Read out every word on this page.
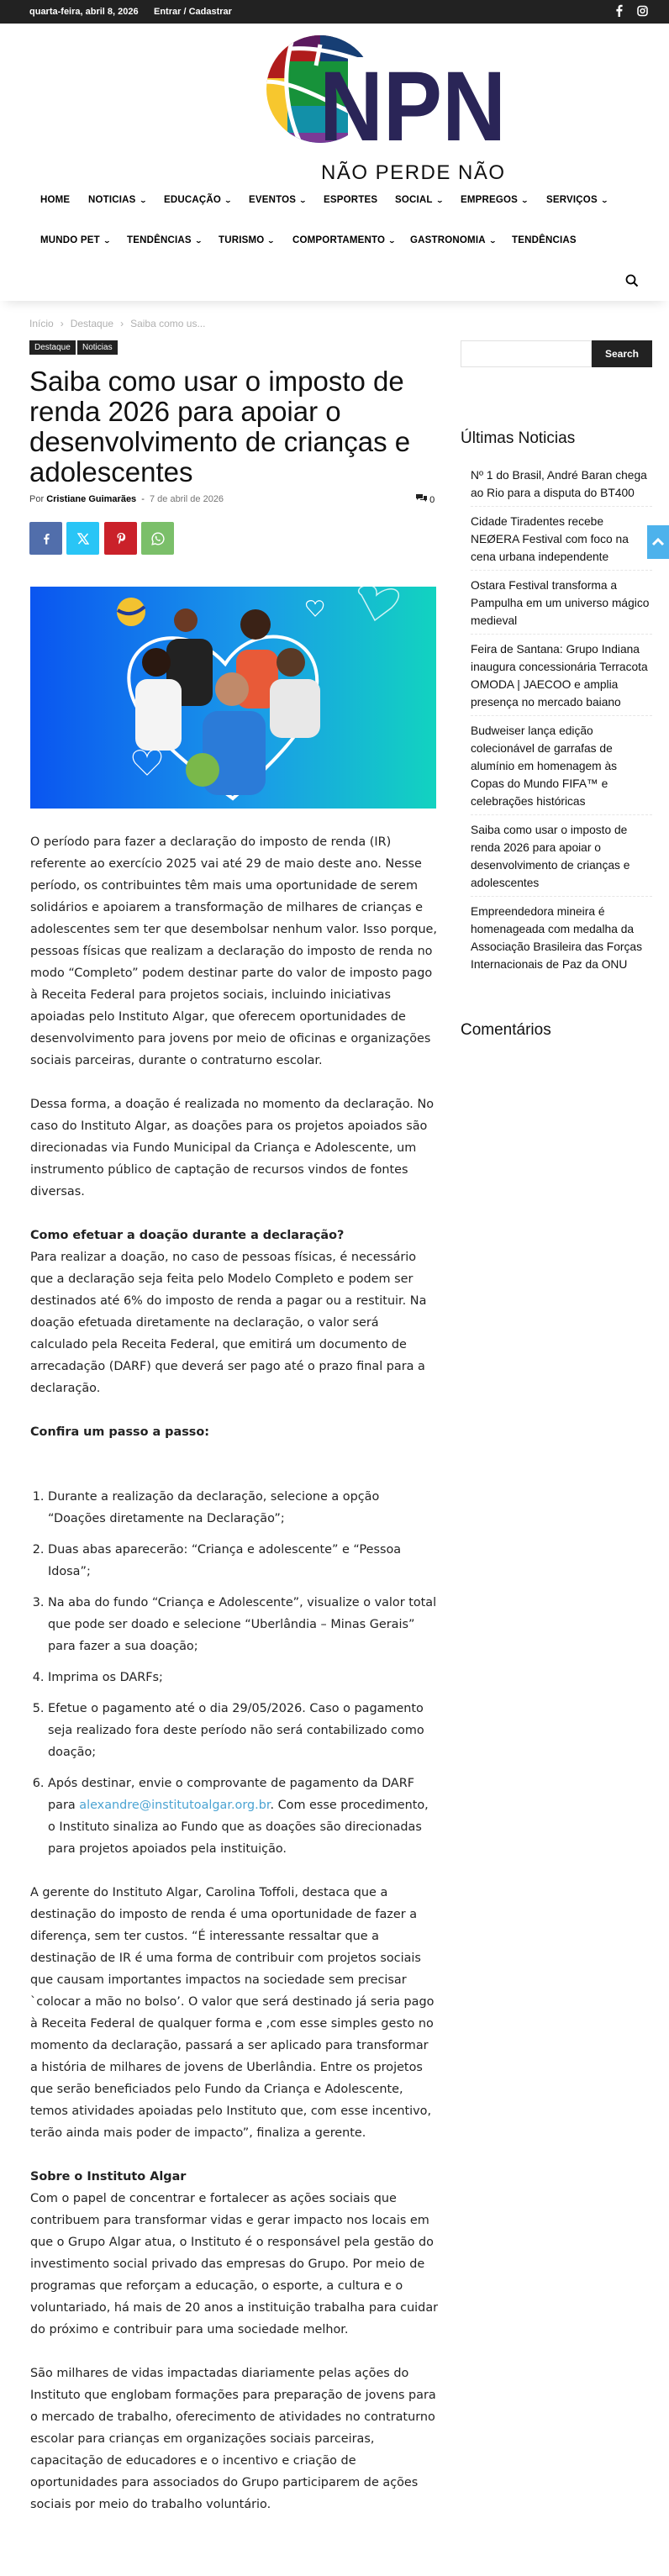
quarta-feira, abril 8, 2026 Entrar / Cadastrar
NPN
NÃO PERDE NÃO
HOME NOTICIAS ⌄ EDUCAÇÃO ⌄ EVENTOS ⌄ ESPORTES SOCIAL ⌄ EMPREGOS ⌄ SERVIÇOS ⌄
MUNDO PET ⌄ TENDÊNCIAS ⌄ TURISMO ⌄ COMPORTAMENTO ⌄ GASTRONOMIA ⌄ TENDÊNCIAS
Início › Destaque › Saiba como us...
Destaque	Noticias
Saiba como usar o imposto de renda 2026 para apoiar o desenvolvimento de crianças e adolescentes
Por Cristiane Guimarães - 7 de abril de 2026	0

O período para fazer a declaração do imposto de renda (IR) referente ao exercício 2025 vai até 29 de maio deste ano. Nesse período, os contribuintes têm mais uma oportunidade de serem solidários e apoiarem a transformação de milhares de crianças e adolescentes sem ter que desembolsar nenhum valor. Isso porque, pessoas físicas que realizam a declaração do imposto de renda no modo “Completo” podem destinar parte do valor de imposto pago à Receita Federal para projetos sociais, incluindo iniciativas apoiadas pelo Instituto Algar, que oferecem oportunidades de desenvolvimento para jovens por meio de oficinas e organizações sociais parceiras, durante o contraturno escolar.

Dessa forma, a doação é realizada no momento da declaração. No caso do Instituto Algar, as doações para os projetos apoiados são direcionadas via Fundo Municipal da Criança e Adolescente, um instrumento público de captação de recursos vindos de fontes diversas.

Como efetuar a doação durante a declaração?
Para realizar a doação, no caso de pessoas físicas, é necessário que a declaração seja feita pelo Modelo Completo e podem ser destinados até 6% do imposto de renda a pagar ou a restituir. Na doação efetuada diretamente na declaração, o valor será calculado pela Receita Federal, que emitirá um documento de arrecadação (DARF) que deverá ser pago até o prazo final para a declaração.

Confira um passo a passo:

1. Durante a realização da declaração, selecione a opção “Doações diretamente na Declaração”;
2. Duas abas aparecerão: “Criança e adolescente” e “Pessoa Idosa”;
3. Na aba do fundo “Criança e Adolescente”, visualize o valor total que pode ser doado e selecione “Uberlândia – Minas Gerais” para fazer a sua doação;
4. Imprima os DARFs;
5. Efetue o pagamento até o dia 29/05/2026. Caso o pagamento seja realizado fora deste período não será contabilizado como doação;
6. Após destinar, envie o comprovante de pagamento da DARF para alexandre@institutoalgar.org.br. Com esse procedimento, o Instituto sinaliza ao Fundo que as doações são direcionadas para projetos apoiados pela instituição.

A gerente do Instituto Algar, Carolina Toffoli, destaca que a destinação do imposto de renda é uma oportunidade de fazer a diferença, sem ter custos. “É interessante ressaltar que a destinação de IR é uma forma de contribuir com projetos sociais que causam importantes impactos na sociedade sem precisar `colocar a mão no bolso’. O valor que será destinado já seria pago à Receita Federal de qualquer forma e ,com esse simples gesto no momento da declaração, passará a ser aplicado para transformar a história de milhares de jovens de Uberlândia. Entre os projetos que serão beneficiados pelo Fundo da Criança e Adolescente, temos atividades apoiadas pelo Instituto que, com esse incentivo, terão ainda mais poder de impacto”, finaliza a gerente.

Sobre o Instituto Algar
Com o papel de concentrar e fortalecer as ações sociais que contribuem para transformar vidas e gerar impacto nos locais em que o Grupo Algar atua, o Instituto é o responsável pela gestão do investimento social privado das empresas do Grupo. Por meio de programas que reforçam a educação, o esporte, a cultura e o voluntariado, há mais de 20 anos a instituição trabalha para cuidar do próximo e contribuir para uma sociedade melhor.

São milhares de vidas impactadas diariamente pelas ações do Instituto que englobam formações para preparação de jovens para o mercado de trabalho, oferecimento de atividades no contraturno escolar para crianças em organizações sociais parceiras, capacitação de educadores e o incentivo e criação de oportunidades para associados do Grupo participarem de ações sociais por meio do trabalho voluntário.

Search
Últimas Noticias
Nº 1 do Brasil, André Baran chega ao Rio para a disputa do BT400
Cidade Tiradentes recebe NEØERA Festival com foco na cena urbana independente
Ostara Festival transforma a Pampulha em um universo mágico medieval
Feira de Santana: Grupo Indiana inaugura concessionária Terracota OMODA | JAECOO e amplia presença no mercado baiano
Budweiser lança edição colecionável de garrafas de alumínio em homenagem às Copas do Mundo FIFA™ e celebrações históricas
Saiba como usar o imposto de renda 2026 para apoiar o desenvolvimento de crianças e adolescentes
Empreendedora mineira é homenageada com medalha da Associação Brasileira das Forças Internacionais de Paz da ONU
Comentários
